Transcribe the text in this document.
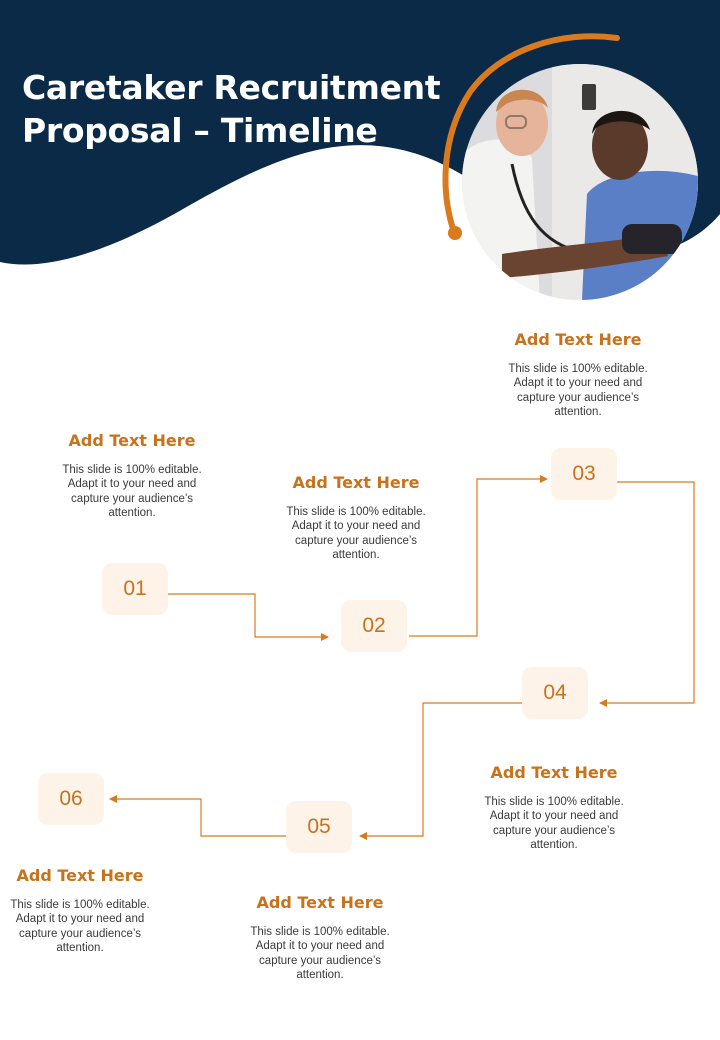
Caretaker Recruitment
Proposal – Timeline
01
02
03
04
05
06
Add Text Here

This slide is 100% editable. Adapt it to your need and capture your audience’s attention.

Add Text Here

This slide is 100% editable. Adapt it to your need and capture your audience’s attention.

Add Text Here

This slide is 100% editable. Adapt it to your need and capture your audience’s attention.

Add Text Here

This slide is 100% editable. Adapt it to your need and capture your audience’s attention.

Add Text Here

This slide is 100% editable. Adapt it to your need and capture your audience’s attention.

Add Text Here

This slide is 100% editable. Adapt it to your need and capture your audience’s attention.
